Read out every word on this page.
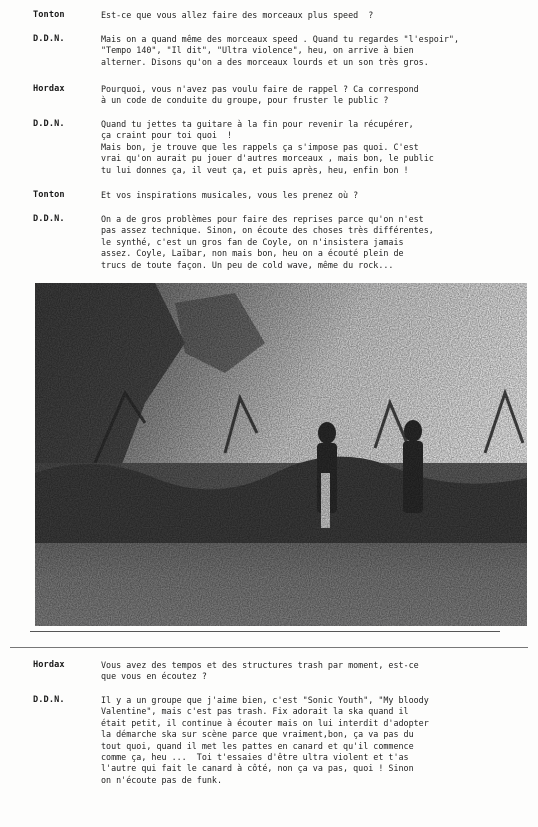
Tonton	Est-ce que vous allez faire des morceaux plus speed  ?
D.D.N.	Mais on a quand même des morceaux speed . Quand tu regardes "l'espoir",
"Tempo 140", "Il dit", "Ultra violence", heu, on arrive à bien
alterner. Disons qu'on a des morceaux lourds et un son très gros.
Hordax	Pourquoi, vous n'avez pas voulu faire de rappel ? Ca correspond
à un code de conduite du groupe, pour fruster le public ?
D.D.N.	Quand tu jettes ta guitare à la fin pour revenir la récupérer,
ça craint pour toi quoi  !
Mais bon, je trouve que les rappels ça s'impose pas quoi. C'est
vrai qu'on aurait pu jouer d'autres morceaux , mais bon, le public
tu lui donnes ça, il veut ça, et puis après, heu, enfin bon !
Tonton	Et vos inspirations musicales, vous les prenez où ?
D.D.N.	On a de gros problèmes pour faire des reprises parce qu'on n'est
pas assez technique. Sinon, on écoute des choses très différentes,
le synthé, c'est un gros fan de Coyle, on n'insistera jamais
assez. Coyle, Laïbar, non mais bon, heu on a écouté plein de
trucs de toute façon. Un peu de cold wave, même du rock...
Hordax	Vous avez des tempos et des structures trash par moment, est-ce
que vous en écoutez ?
D.D.N.	Il y a un groupe que j'aime bien, c'est "Sonic Youth", "My bloody
Valentine", mais c'est pas trash. Fix adorait la ska quand il
était petit, il continue à écouter mais on lui interdit d'adopter
la démarche ska sur scène parce que vraiment,bon, ça va pas du
tout quoi, quand il met les pattes en canard et qu'il commence
comme ça, heu ...  Toi t'essaies d'être ultra violent et t'as
l'autre qui fait le canard à côté, non ça va pas, quoi ! Sinon
on n'écoute pas de funk.
